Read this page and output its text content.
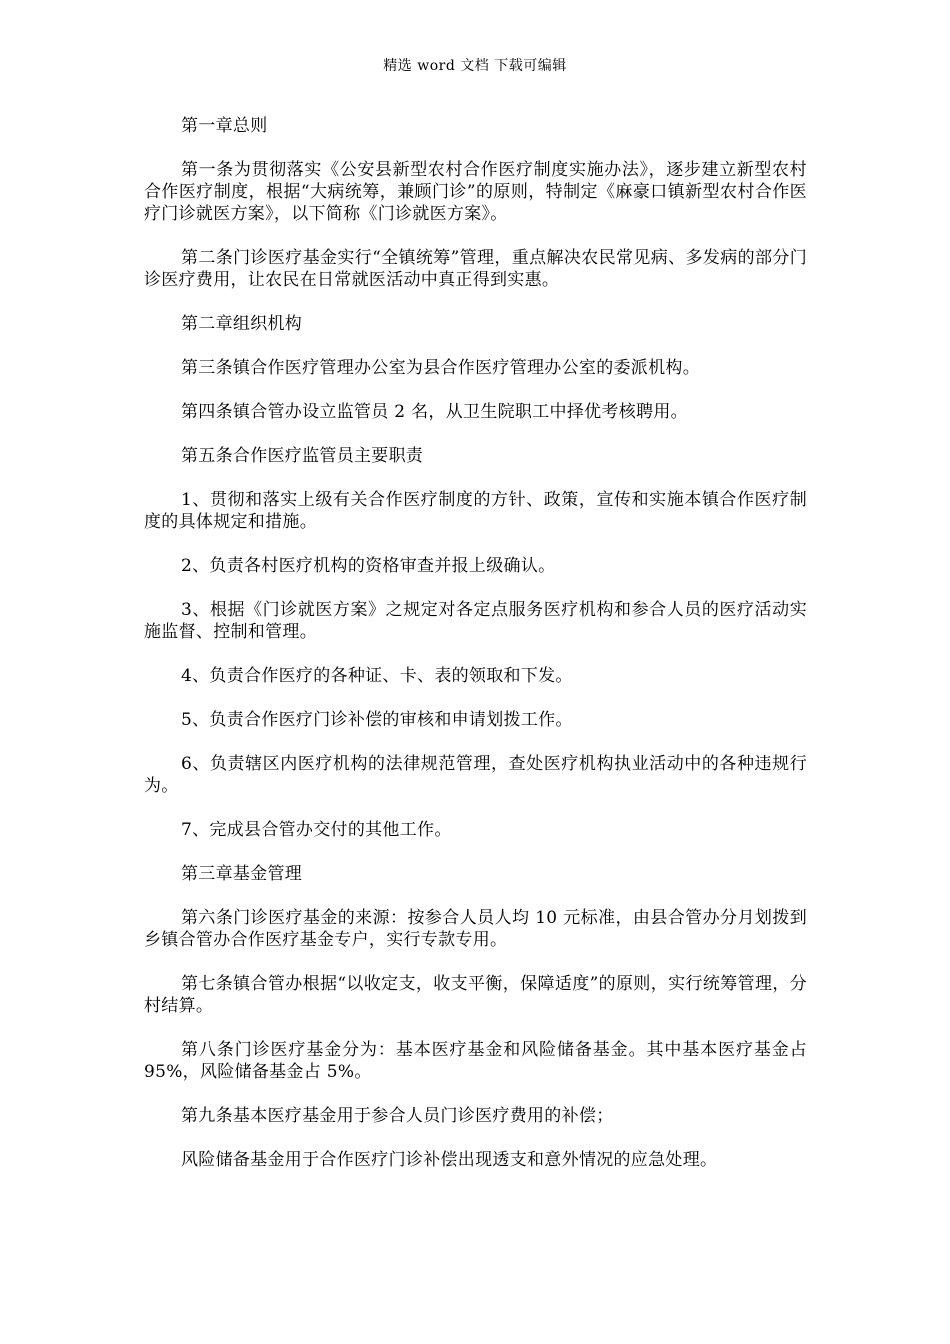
精选 word 文档 下载可编辑

第一章总则

第一条为贯彻落实《公安县新型农村合作医疗制度实施办法》，逐步建立新型农村合作医疗制度，根据“大病统筹，兼顾门诊”的原则，特制定《麻豪口镇新型农村合作医疗门诊就医方案》，以下简称《门诊就医方案》。

第二条门诊医疗基金实行“全镇统筹”管理，重点解决农民常见病、多发病的部分门诊医疗费用，让农民在日常就医活动中真正得到实惠。

第二章组织机构

第三条镇合作医疗管理办公室为县合作医疗管理办公室的委派机构。

第四条镇合管办设立监管员 2 名，从卫生院职工中择优考核聘用。

第五条合作医疗监管员主要职责

1、贯彻和落实上级有关合作医疗制度的方针、政策，宣传和实施本镇合作医疗制度的具体规定和措施。

2、负责各村医疗机构的资格审查并报上级确认。

3、根据《门诊就医方案》之规定对各定点服务医疗机构和参合人员的医疗活动实施监督、控制和管理。

4、负责合作医疗的各种证、卡、表的领取和下发。

5、负责合作医疗门诊补偿的审核和申请划拨工作。

6、负责辖区内医疗机构的法律规范管理，查处医疗机构执业活动中的各种违规行为。

7、完成县合管办交付的其他工作。

第三章基金管理

第六条门诊医疗基金的来源：按参合人员人均 10 元标准，由县合管办分月划拨到乡镇合管办合作医疗基金专户，实行专款专用。

第七条镇合管办根据“以收定支，收支平衡，保障适度”的原则，实行统筹管理，分村结算。

第八条门诊医疗基金分为：基本医疗基金和风险储备基金。其中基本医疗基金占 95%，风险储备基金占 5%。

第九条基本医疗基金用于参合人员门诊医疗费用的补偿；

风险储备基金用于合作医疗门诊补偿出现透支和意外情况的应急处理。
